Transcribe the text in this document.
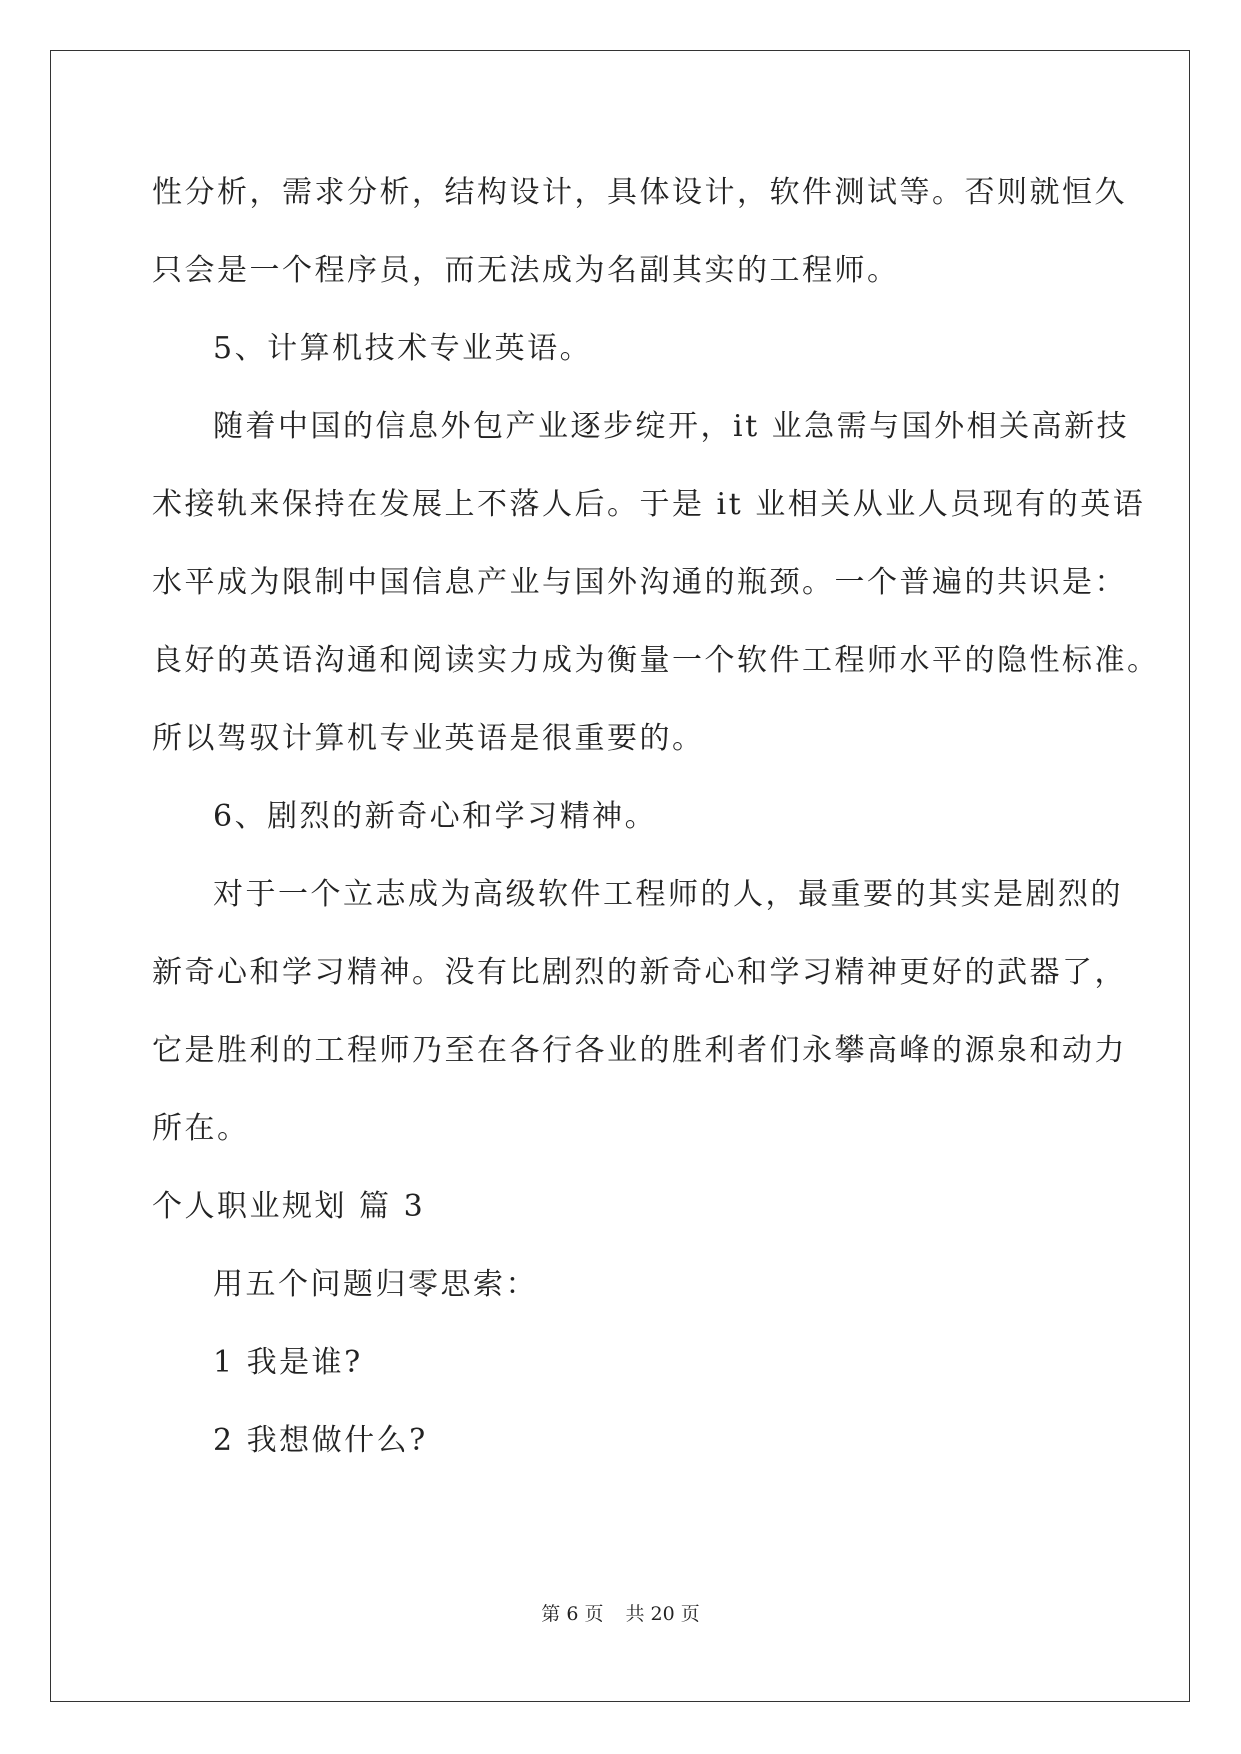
性分析，需求分析，结构设计，具体设计，软件测试等。否则就恒久
只会是一个程序员，而无法成为名副其实的工程师。
5、计算机技术专业英语。
随着中国的信息外包产业逐步绽开，it 业急需与国外相关高新技
术接轨来保持在发展上不落人后。于是 it 业相关从业人员现有的英语
水平成为限制中国信息产业与国外沟通的瓶颈。一个普遍的共识是：
良好的英语沟通和阅读实力成为衡量一个软件工程师水平的隐性标准。
所以驾驭计算机专业英语是很重要的。
6、剧烈的新奇心和学习精神。
对于一个立志成为高级软件工程师的人，最重要的其实是剧烈的
新奇心和学习精神。没有比剧烈的新奇心和学习精神更好的武器了，
它是胜利的工程师乃至在各行各业的胜利者们永攀高峰的源泉和动力
所在。
个人职业规划 篇 3
用五个问题归零思索：
1 我是谁?
2 我想做什么?
第 6 页 共 20 页
